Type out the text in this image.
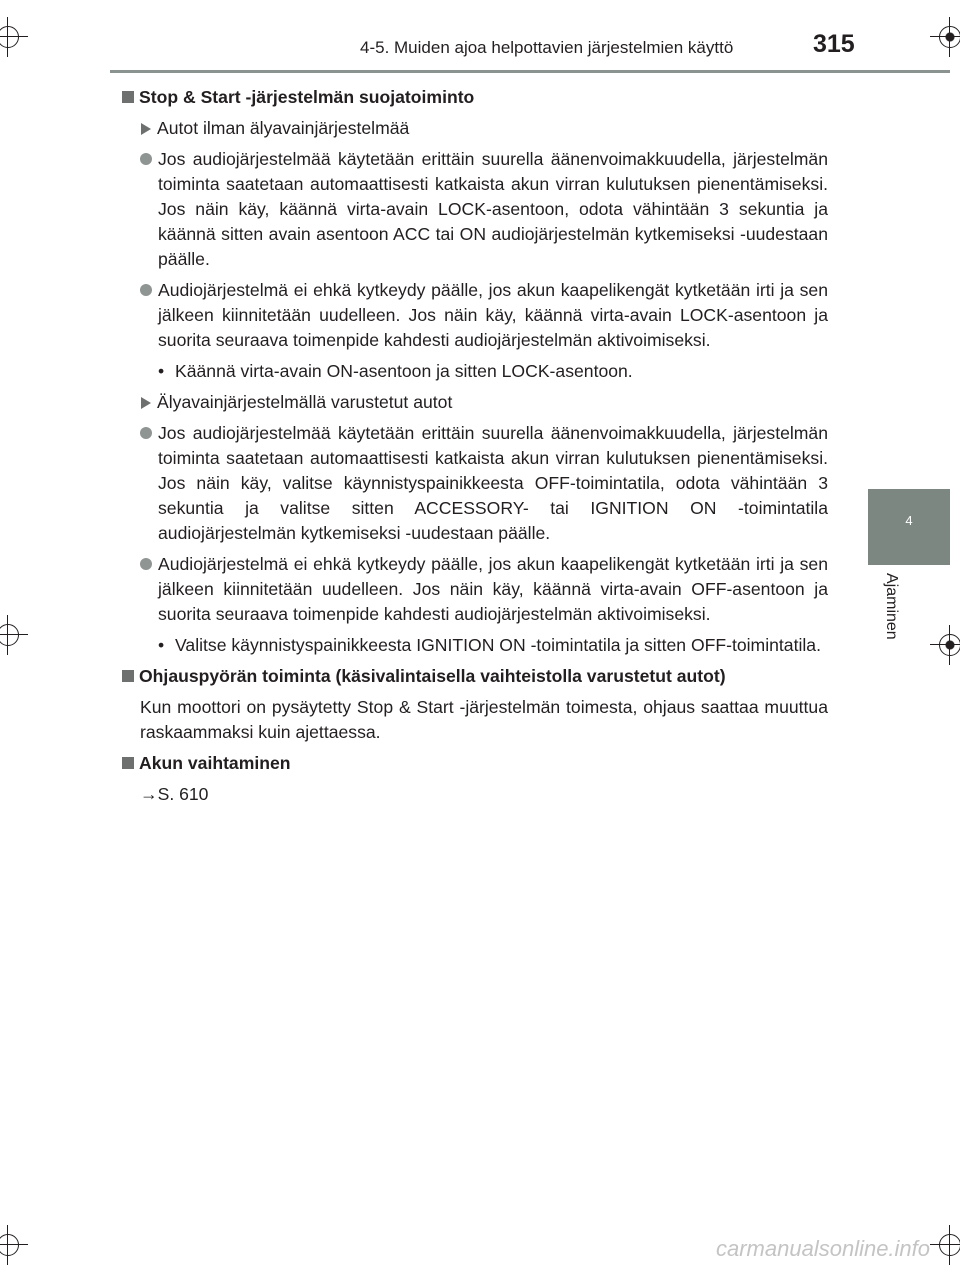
4-5. Muiden ajoa helpottavien järjestelmien käyttö	315
4
Ajaminen
Stop & Start -järjestelmän suojatoiminto
Autot ilman älyavainjärjestelmää
Jos audiojärjestelmää käytetään erittäin suurella äänenvoimakkuudella, järjestelmän toiminta saatetaan automaattisesti katkaista akun virran kulutuksen pienentämiseksi. Jos näin käy, käännä virta-avain LOCK-asentoon, odota vähintään 3 sekuntia ja käännä sitten avain asentoon ACC tai ON audiojärjestelmän kytkemiseksi -uudestaan päälle.
Audiojärjestelmä ei ehkä kytkeydy päälle, jos akun kaapelikengät kytketään irti ja sen jälkeen kiinnitetään uudelleen. Jos näin käy, käännä virta-avain LOCK-asentoon ja suorita seuraava toimenpide kahdesti audiojärjestelmän aktivoimiseksi.
• Käännä virta-avain ON-asentoon ja sitten LOCK-asentoon.
Älyavainjärjestelmällä varustetut autot
Jos audiojärjestelmää käytetään erittäin suurella äänenvoimakkuudella, järjestelmän toiminta saatetaan automaattisesti katkaista akun virran kulutuksen pienentämiseksi. Jos näin käy, valitse käynnistyspainikkeesta OFF-toimintatila, odota vähintään 3 sekuntia ja valitse sitten ACCESSORY- tai IGNITION ON -toimintatila audiojärjestelmän kytkemiseksi -uudestaan päälle.
Audiojärjestelmä ei ehkä kytkeydy päälle, jos akun kaapelikengät kytketään irti ja sen jälkeen kiinnitetään uudelleen. Jos näin käy, käännä virta-avain OFF-asentoon ja suorita seuraava toimenpide kahdesti audiojärjestelmän aktivoimiseksi.
• Valitse käynnistyspainikkeesta IGNITION ON -toimintatila ja sitten OFF-toimintatila.
Ohjauspyörän toiminta (käsivalintaisella vaihteistolla varustetut autot)
Kun moottori on pysäytetty Stop & Start -järjestelmän toimesta, ohjaus saattaa muuttua raskaammaksi kuin ajettaessa.
Akun vaihtaminen
→S. 610
carmanualsonline.info
